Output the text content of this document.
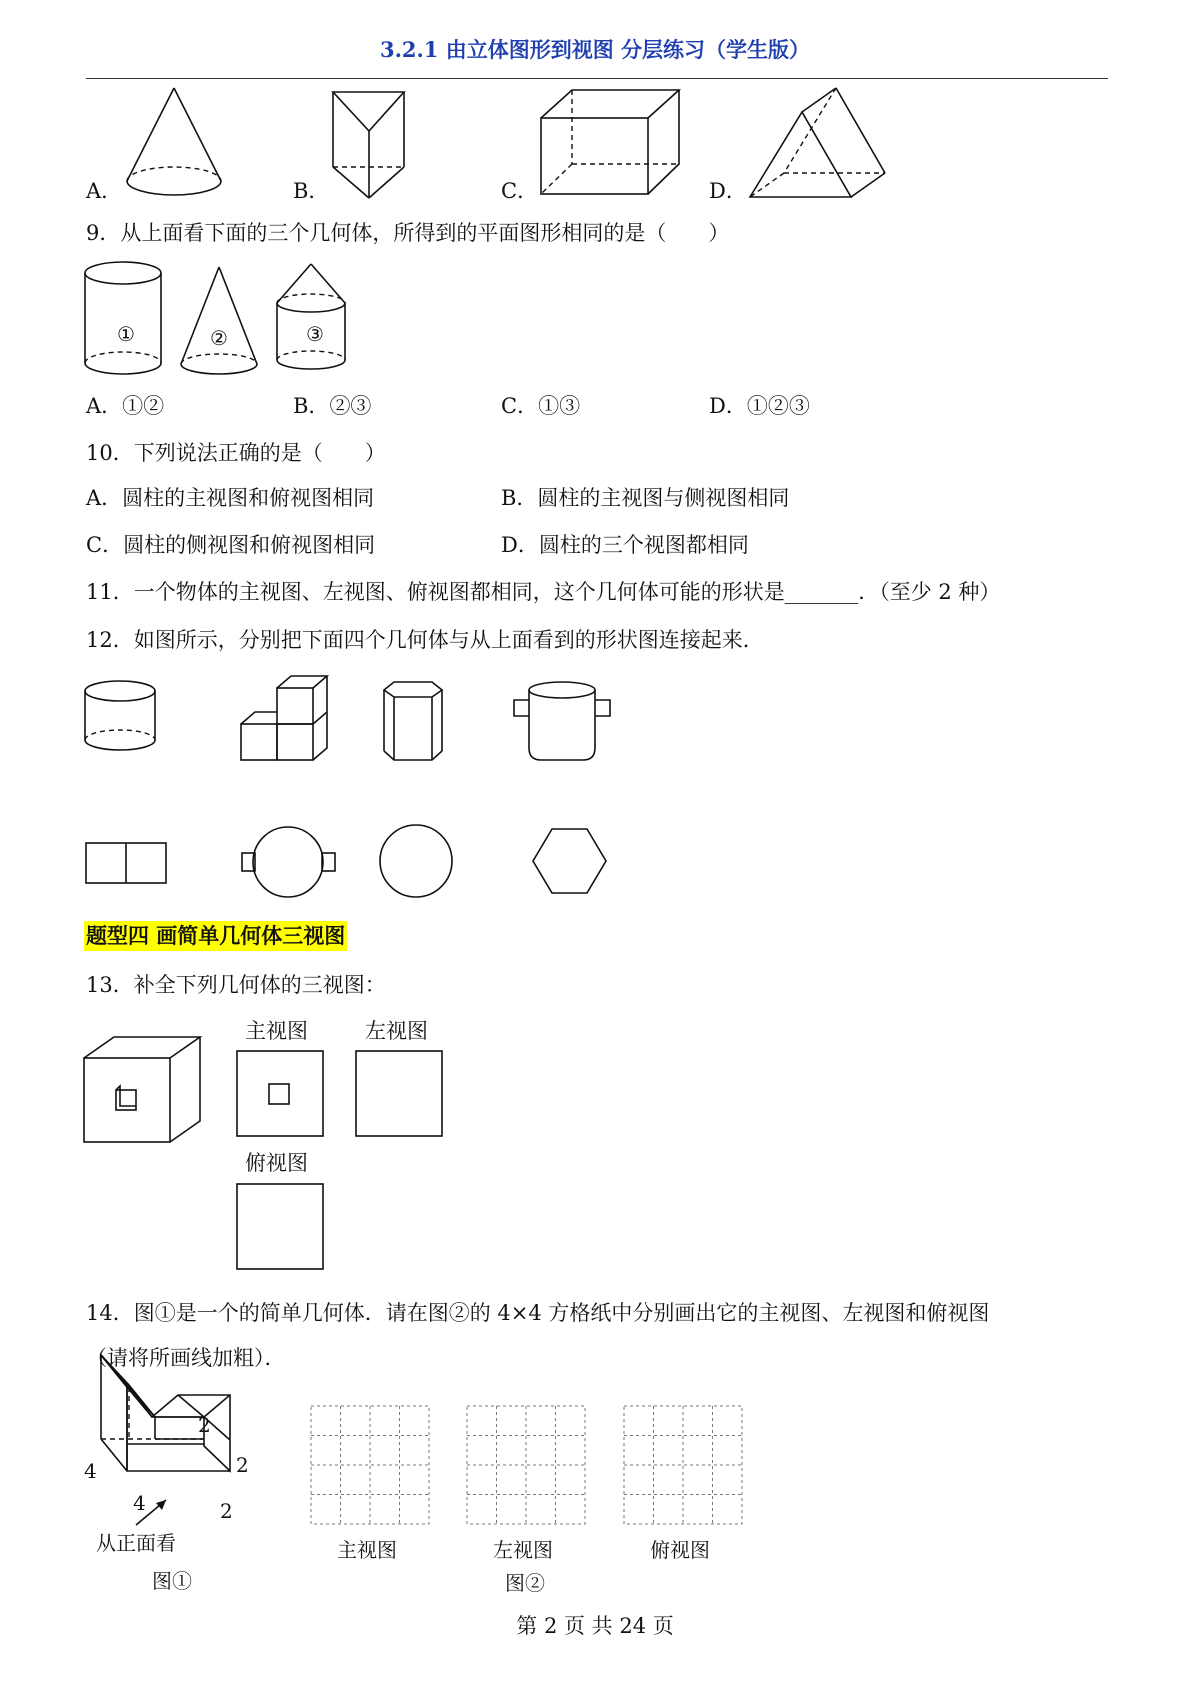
3.2.1 由立体图形到视图 分层练习（学生版）
A．	B．	C．	D．
9．从上面看下面的三个几何体，所得到的平面图形相同的是（　　）
①	②	③
A．①②	B．②③	C．①③	D．①②③
10．下列说法正确的是（　　）
A．圆柱的主视图和俯视图相同	B．圆柱的主视图与侧视图相同
C．圆柱的侧视图和俯视图相同	D．圆柱的三个视图都相同
11．一个物体的主视图、左视图、俯视图都相同，这个几何体可能的形状是_______．（至少 2 种）
12．如图所示，分别把下面四个几何体与从上面看到的形状图连接起来．
题型四 画简单几何体三视图
13．补全下列几何体的三视图：
主视图	左视图
俯视图
14．图①是一个的简单几何体．请在图②的 4×4 方格纸中分别画出它的主视图、左视图和俯视图
（请将所画线加粗）．
2
4	2
4	2
从正面看
图①
主视图	左视图	俯视图
图②
第 2 页 共 24 页
